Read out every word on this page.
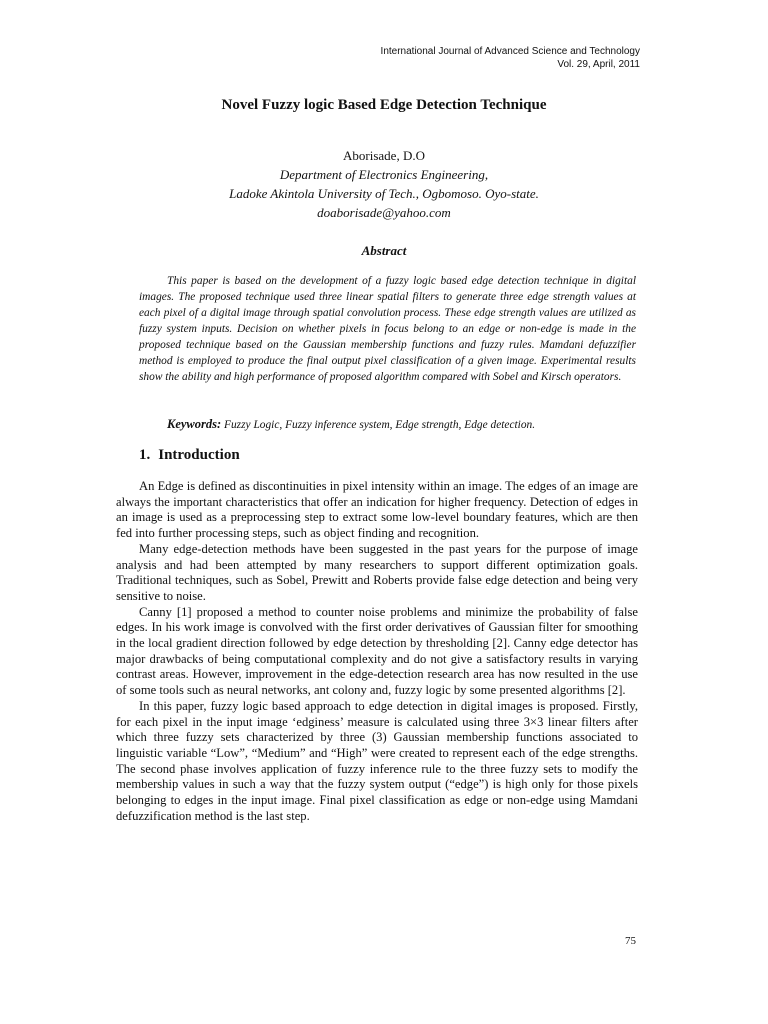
International Journal of Advanced Science and Technology
Vol. 29, April, 2011
Novel Fuzzy logic Based Edge Detection Technique
Aborisade, D.O
Department of Electronics Engineering,
Ladoke Akintola University of Tech., Ogbomoso. Oyo-state.
doaborisade@yahoo.com
Abstract
This paper is based on the development of a fuzzy logic based edge detection technique in digital images. The proposed technique used three linear spatial filters to generate three edge strength values at each pixel of a digital image through spatial convolution process. These edge strength values are utilized as fuzzy system inputs. Decision on whether pixels in focus belong to an edge or non-edge is made in the proposed technique based on the Gaussian membership functions and fuzzy rules. Mamdani defuzzifier method is employed to produce the final output pixel classification of a given image. Experimental results show the ability and high performance of proposed algorithm compared with Sobel and Kirsch operators.
Keywords: Fuzzy Logic, Fuzzy inference system, Edge strength, Edge detection.
1. Introduction

An Edge is defined as discontinuities in pixel intensity within an image. The edges of an image are always the important characteristics that offer an indication for higher frequency. Detection of edges in an image is used as a preprocessing step to extract some low-level boundary features, which are then fed into further processing steps, such as object finding and recognition.

Many edge-detection methods have been suggested in the past years for the purpose of image analysis and had been attempted by many researchers to support different optimization goals. Traditional techniques, such as Sobel, Prewitt and Roberts provide false edge detection and being very sensitive to noise.

Canny [1] proposed a method to counter noise problems and minimize the probability of false edges. In his work image is convolved with the first order derivatives of Gaussian filter for smoothing in the local gradient direction followed by edge detection by thresholding [2]. Canny edge detector has major drawbacks of being computational complexity and do not give a satisfactory results in varying contrast areas. However, improvement in the edge-detection research area has now resulted in the use of some tools such as neural networks, ant colony and, fuzzy logic by some presented algorithms [2].

In this paper, fuzzy logic based approach to edge detection in digital images is proposed. Firstly, for each pixel in the input image ‘edginess’ measure is calculated using three 3×3 linear filters after which three fuzzy sets characterized by three (3) Gaussian membership functions associated to linguistic variable “Low”, “Medium” and “High” were created to represent each of the edge strengths. The second phase involves application of fuzzy inference rule to the three fuzzy sets to modify the membership values in such a way that the fuzzy system output (“edge”) is high only for those pixels belonging to edges in the input image. Final pixel classification as edge or non-edge using Mamdani defuzzification method is the last step.

75
